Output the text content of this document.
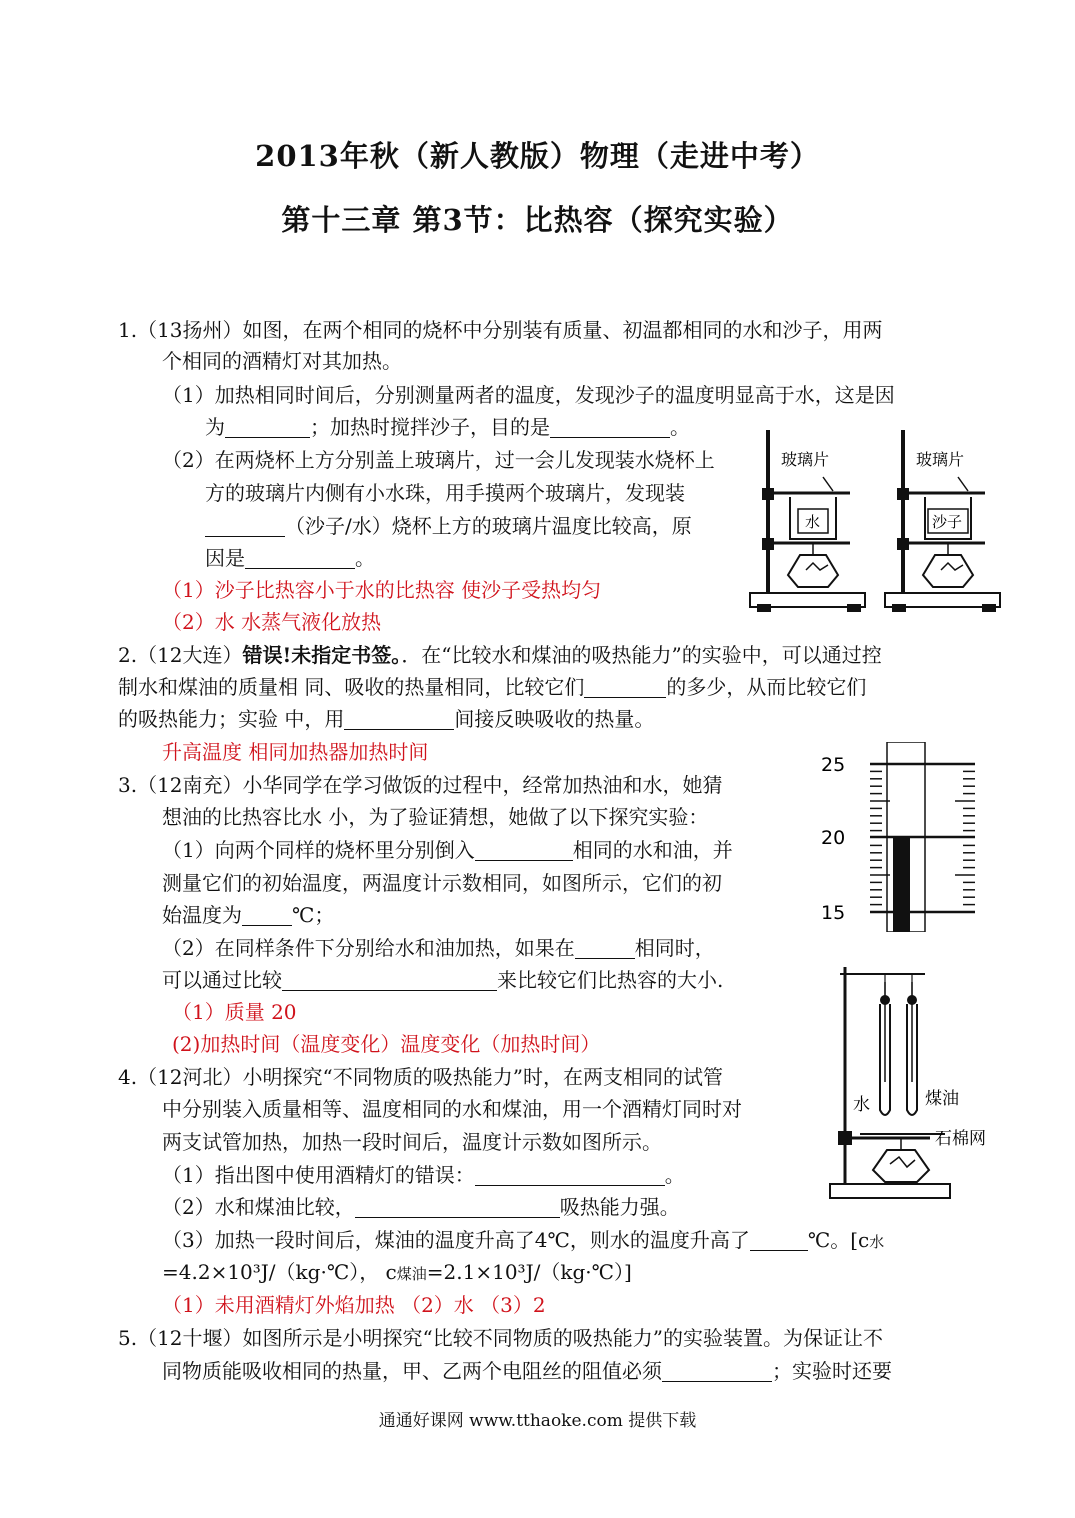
2013年秋（新人教版）物理（走进中考）
第十三章 第3节：比热容（探究实验）
1.（13扬州）如图，在两个相同的烧杯中分别装有质量、初温都相同的水和沙子，用两
个相同的酒精灯对其加热。
（1）加热相同时间后，分别测量两者的温度，发现沙子的温度明显高于水，这是因
为	；加热时搅拌沙子，目的是	。
（2）在两烧杯上方分别盖上玻璃片，过一会儿发现装水烧杯上
方的玻璃片内侧有小水珠，用手摸两个玻璃片，发现装
（沙子/水）烧杯上方的玻璃片温度比较高，原
因是	。
（1）沙子比热容小于水的比热容 使沙子受热均匀
（2）水 水蒸气液化放热
玻璃片
水
玻璃片
沙子
2.（12大连）错误!未指定书签。．在“比较水和煤油的吸热能力”的实验中，可以通过控
制水和煤油的质量相 同、吸收的热量相同，比较它们	的多少，从而比较它们
的吸热能力；实验 中，用	间接反映吸收的热量。
升高温度 相同加热器加热时间
3.（12南充）小华同学在学习做饭的过程中，经常加热油和水，她猜
想油的比热容比水 小，为了验证猜想，她做了以下探究实验：
（1）向两个同样的烧杯里分别倒入	相同的水和油，并
测量它们的初始温度，两温度计示数相同，如图所示，它们的初
始温度为	℃；
（2）在同样条件下分别给水和油加热，如果在	相同时，
可以通过比较	来比较它们比热容的大小.
（1）质量 20
(2)加热时间（温度变化）温度变化（加热时间）
25
20
15
4.（12河北）小明探究“不同物质的吸热能力”时，在两支相同的试管
中分别装入质量相等、温度相同的水和煤油，用一个酒精灯同时对
两支试管加热，加热一段时间后，温度计示数如图所示。
（1）指出图中使用酒精灯的错误：	。
（2）水和煤油比较，	吸热能力强。
（3）加热一段时间后，煤油的温度升高了4℃，则水的温度升高了	℃。[c水
=4.2×10³J/（kg·℃）， c煤油=2.1×10³J/（kg·℃）]
（1）未用酒精灯外焰加热 （2）水 （3）2
水	煤油
石棉网
5.（12十堰）如图所示是小明探究“比较不同物质的吸热能力”的实验装置。为保证让不
同物质能吸收相同的热量，甲、乙两个电阻丝的阻值必须	；实验时还要
通通好课网 www.tthaoke.com 提供下载
